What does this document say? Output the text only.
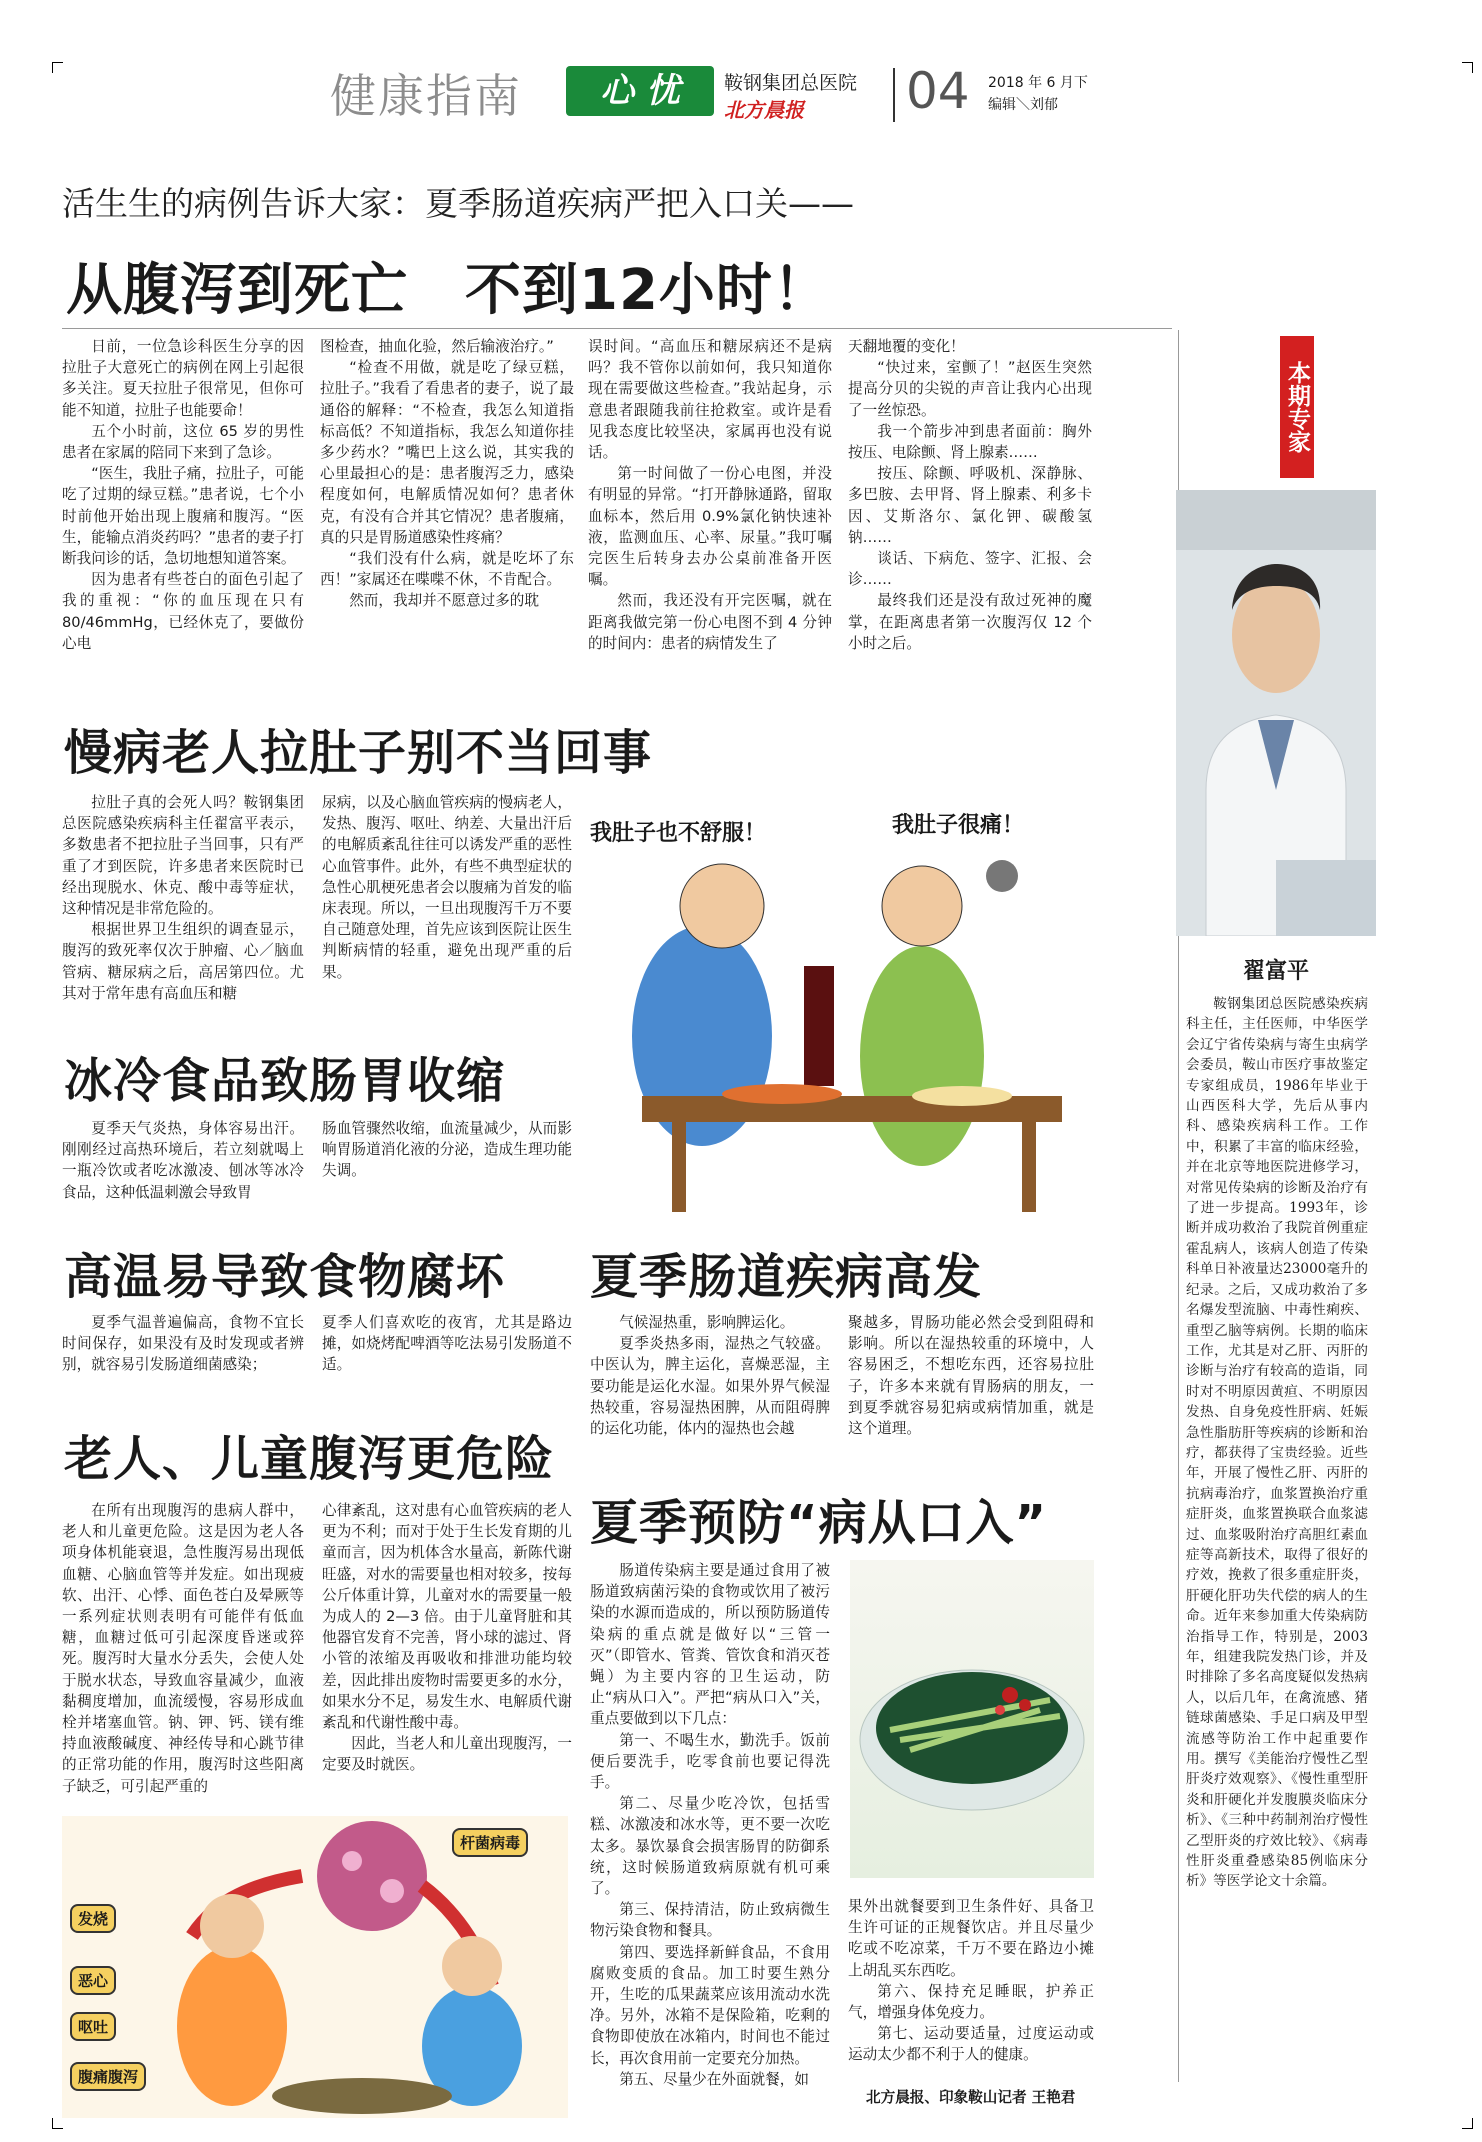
健康指南	心 忧	鞍钢集团总医院
北方晨报 04 2018 年 6 月下
编辑＼刘郁
活生生的病例告诉大家：夏季肠道疾病严把入口关——
从腹泻到死亡　不到12小时！

日前，一位急诊科医生分享的因拉肚子大意死亡的病例在网上引起很多关注。夏天拉肚子很常见，但你可能不知道，拉肚子也能要命！

五个小时前，这位 65 岁的男性患者在家属的陪同下来到了急诊。

“医生，我肚子痛，拉肚子，可能吃了过期的绿豆糕。”患者说，七个小时前他开始出现上腹痛和腹泻。“医生，能输点消炎药吗？”患者的妻子打断我问诊的话，急切地想知道答案。

因为患者有些苍白的面色引起了我的重视：“你的血压现在只有 80/46mmHg，已经休克了，要做份心电

图检查，抽血化验，然后输液治疗。”

“检查不用做，就是吃了绿豆糕，拉肚子。”我看了看患者的妻子，说了最通俗的解释：“不检查，我怎么知道指标高低？不知道指标，我怎么知道你挂多少药水？”嘴巴上这么说，其实我的心里最担心的是：患者腹泻乏力，感染程度如何，电解质情况如何？患者休克，有没有合并其它情况？患者腹痛，真的只是胃肠道感染性疼痛？

“我们没有什么病，就是吃坏了东西！”家属还在喋喋不休，不肯配合。

然而，我却并不愿意过多的耽

误时间。“高血压和糖尿病还不是病吗？我不管你以前如何，我只知道你现在需要做这些检查。”我站起身，示意患者跟随我前往抢救室。或许是看见我态度比较坚决，家属再也没有说话。

第一时间做了一份心电图，并没有明显的异常。“打开静脉通路，留取血标本，然后用 0.9%氯化钠快速补液，监测血压、心率、尿量。”我叮嘱完医生后转身去办公桌前准备开医嘱。

然而，我还没有开完医嘱，就在距离我做完第一份心电图不到 4 分钟的时间内：患者的病情发生了

天翻地覆的变化！

“快过来，室颤了！”赵医生突然提高分贝的尖锐的声音让我内心出现了一丝惊恐。

我一个箭步冲到患者面前：胸外按压、电除颤、肾上腺素……

按压、除颤、呼吸机、深静脉、多巴胺、去甲肾、肾上腺素、利多卡因、艾斯洛尔、氯化钾、碳酸氢钠……

谈话、下病危、签字、汇报、会诊……

最终我们还是没有敌过死神的魔掌，在距离患者第一次腹泻仅 12 个小时之后。

慢病老人拉肚子别不当回事

拉肚子真的会死人吗？鞍钢集团总医院感染疾病科主任翟富平表示，多数患者不把拉肚子当回事，只有严重了才到医院，许多患者来医院时已经出现脱水、休克、酸中毒等症状，这种情况是非常危险的。

根据世界卫生组织的调查显示，腹泻的致死率仅次于肿瘤、心／脑血管病、糖尿病之后，高居第四位。尤其对于常年患有高血压和糖

尿病，以及心脑血管疾病的慢病老人，发热、腹泻、呕吐、纳差、大量出汗后的电解质紊乱往往可以诱发严重的恶性心血管事件。此外，有些不典型症状的急性心肌梗死患者会以腹痛为首发的临床表现。所以，一旦出现腹泻千万不要自己随意处理，首先应该到医院让医生判断病情的轻重，避免出现严重的后果。

我肚子也不舒服！	我肚子很痛！
冰冷食品致肠胃收缩

夏季天气炎热，身体容易出汗。刚刚经过高热环境后，若立刻就喝上一瓶冷饮或者吃冰激凌、刨冰等冰冷食品，这种低温刺激会导致胃

肠血管骤然收缩，血流量减少，从而影响胃肠道消化液的分泌，造成生理功能失调。

高温易导致食物腐坏

夏季气温普遍偏高，食物不宜长时间保存，如果没有及时发现或者辨别，就容易引发肠道细菌感染；

夏季人们喜欢吃的夜宵，尤其是路边摊，如烧烤配啤酒等吃法易引发肠道不适。

夏季肠道疾病高发

气候湿热重，影响脾运化。

夏季炎热多雨，湿热之气较盛。中医认为，脾主运化，喜燥恶湿，主要功能是运化水湿。如果外界气候湿热较重，容易湿热困脾，从而阻碍脾的运化功能，体内的湿热也会越

聚越多，胃肠功能必然会受到阻碍和影响。所以在湿热较重的环境中，人容易困乏，不想吃东西，还容易拉肚子，许多本来就有胃肠病的朋友，一到夏季就容易犯病或病情加重，就是这个道理。

老人、儿童腹泻更危险

在所有出现腹泻的患病人群中，老人和儿童更危险。这是因为老人各项身体机能衰退，急性腹泻易出现低血糖、心脑血管等并发症。如出现疲软、出汗、心悸、面色苍白及晕厥等一系列症状则表明有可能伴有低血糖，血糖过低可引起深度昏迷或猝死。腹泻时大量水分丢失，会使人处于脱水状态，导致血容量减少，血液黏稠度增加，血流缓慢，容易形成血栓并堵塞血管。钠、钾、钙、镁有维持血液酸碱度、神经传导和心跳节律的正常功能的作用，腹泻时这些阳离子缺乏，可引起严重的

心律紊乱，这对患有心血管疾病的老人更为不利；而对于处于生长发育期的儿童而言，因为机体含水量高，新陈代谢旺盛，对水的需要量也相对较多，按每公斤体重计算，儿童对水的需要量一般为成人的 2—3 倍。由于儿童肾脏和其他器官发育不完善，肾小球的滤过、肾小管的浓缩及再吸收和排泄功能均较差，因此排出废物时需要更多的水分，如果水分不足，易发生水、电解质代谢紊乱和代谢性酸中毒。

因此，当老人和儿童出现腹泻，一定要及时就医。

发烧
恶心
呕吐
腹痛腹泻
杆菌病毒
夏季预防“病从口入”

肠道传染病主要是通过食用了被肠道致病菌污染的食物或饮用了被污染的水源而造成的，所以预防肠道传染病的重点就是做好以“三管一灭”（即管水、管粪、管饮食和消灭苍蝇）为主要内容的卫生运动，防止“病从口入”。严把“病从口入”关，重点要做到以下几点：

第一、不喝生水，勤洗手。饭前便后要洗手，吃零食前也要记得洗手。

第二、尽量少吃冷饮，包括雪糕、冰激凌和冰水等，更不要一次吃太多。暴饮暴食会损害肠胃的防御系统，这时候肠道致病原就有机可乘了。

第三、保持清洁，防止致病微生物污染食物和餐具。

第四、要选择新鲜食品，不食用腐败变质的食品。加工时要生熟分开，生吃的瓜果蔬菜应该用流动水洗净。另外，冰箱不是保险箱，吃剩的食物即使放在冰箱内，时间也不能过长，再次食用前一定要充分加热。

第五、尽量少在外面就餐，如

果外出就餐要到卫生条件好、具备卫生许可证的正规餐饮店。并且尽量少吃或不吃凉菜，千万不要在路边小摊上胡乱买东西吃。

第六、保持充足睡眠，护养正气，增强身体免疫力。

第七、运动要适量，过度运动或运动太少都不利于人的健康。

北方晨报、印象鞍山记者 王艳君
本期专家
翟富平
鞍钢集团总医院感染疾病科主任，主任医师，中华医学会辽宁省传染病与寄生虫病学会委员，鞍山市医疗事故鉴定专家组成员，1986年毕业于山西医科大学，先后从事内科、感染疾病科工作。工作中，积累了丰富的临床经验，并在北京等地医院进修学习，对常见传染病的诊断及治疗有了进一步提高。1993年，诊断并成功救治了我院首例重症霍乱病人，该病人创造了传染科单日补液量达23000毫升的纪录。之后，又成功救治了多名爆发型流脑、中毒性痢疾、重型乙脑等病例。长期的临床工作，尤其是对乙肝、丙肝的诊断与治疗有较高的造诣，同时对不明原因黄疸、不明原因发热、自身免疫性肝病、妊娠急性脂肪肝等疾病的诊断和治疗，都获得了宝贵经验。近些年，开展了慢性乙肝、丙肝的抗病毒治疗，血浆置换治疗重症肝炎，血浆置换联合血浆滤过、血浆吸附治疗高胆红素血症等高新技术，取得了很好的疗效，挽救了很多重症肝炎，肝硬化肝功失代偿的病人的生命。近年来参加重大传染病防治指导工作，特别是，2003年，组建我院发热门诊，并及时排除了多名高度疑似发热病人，以后几年，在禽流感、猪链球菌感染、手足口病及甲型流感等防治工作中起重要作用。撰写《美能治疗慢性乙型肝炎疗效观察》、《慢性重型肝炎和肝硬化并发腹膜炎临床分析》、《三种中药制剂治疗慢性乙型肝炎的疗效比较》、《病毒性肝炎重叠感染85例临床分析》等医学论文十余篇。
